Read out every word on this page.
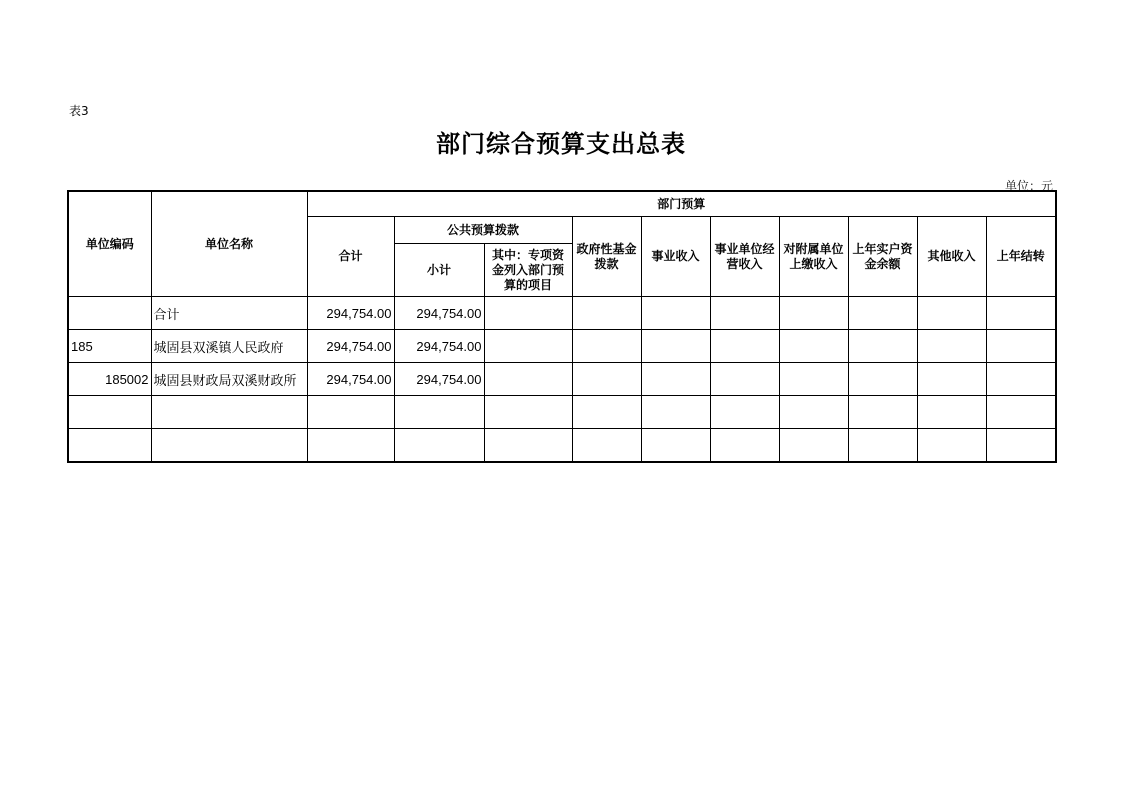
表3
部门综合预算支出总表
单位：元
单位编码	单位名称	部门预算									
		合计	公共预算拨款		政府性基金拨款	事业收入	事业单位经营收入	对附属单位上缴收入	上年实户资金余额	其他收入	上年结转
			小计	其中：专项资金列入部门预算的项目							
	合计	294,754.00	294,754.00								
185	城固县双溪镇人民政府	294,754.00	294,754.00								
185002	城固县财政局双溪财政所	294,754.00	294,754.00								
